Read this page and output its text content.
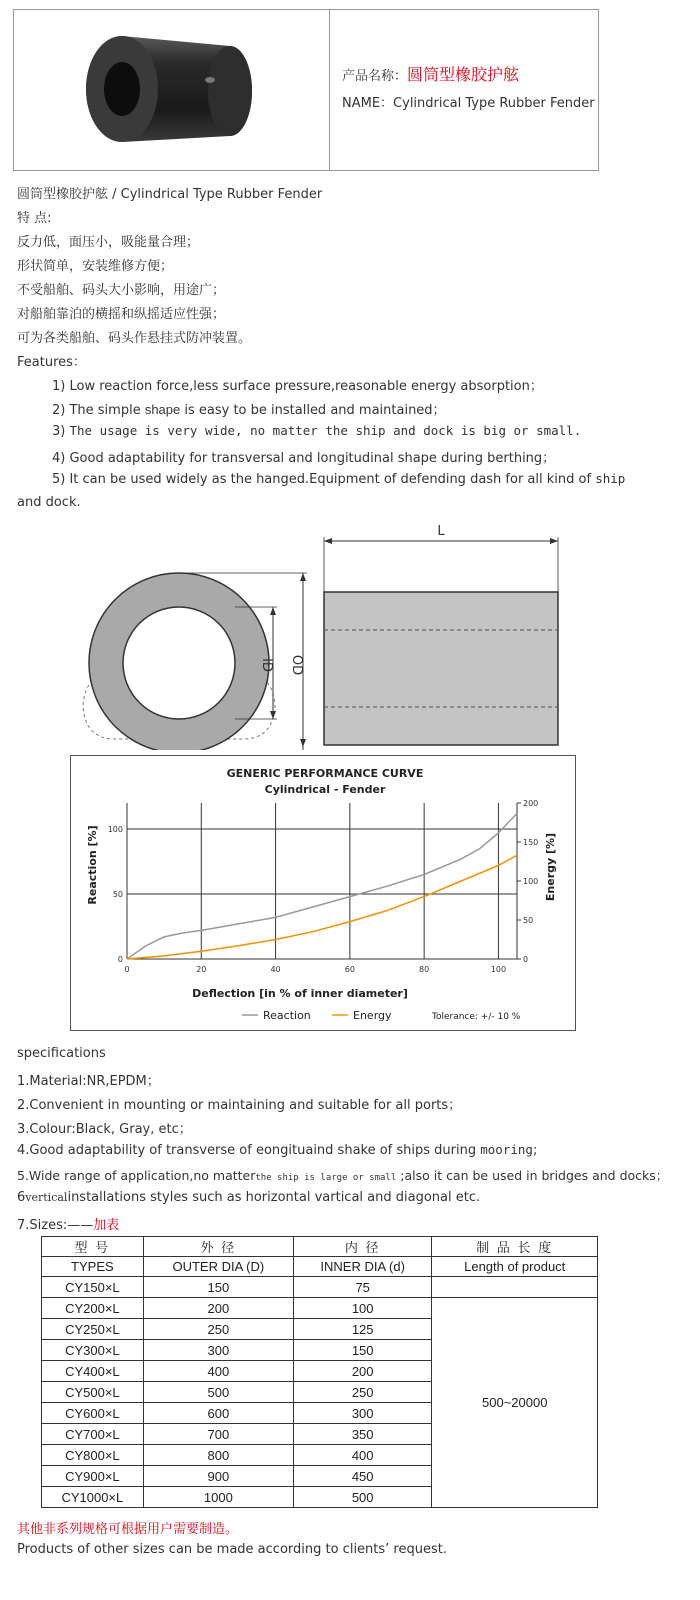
产品名称：圆筒型橡胶护舷
NAME：Cylindrical Type Rubber Fender
圆筒型橡胶护舷 / Cylindrical Type Rubber Fender
特 点:
反力低，面压小，吸能量合理；
形状简单，安装维修方便；
不受船舶、码头大小影响，用途广；
对船舶靠泊的横摇和纵摇适应性强；
可为各类船舶、码头作悬挂式防冲装置。
Features：
1) Low reaction force,less surface pressure,reasonable energy absorption；
2) The simple shape is easy to be installed and maintained；
3) The usage is very wide, no matter the ship and dock is big or small.
4) Good adaptability for transversal and longitudinal shape during berthing；
5) It can be used widely as the hanged.Equipment of defending dash for all kind of ship
and dock.
ID OD
L
GENERIC PERFORMANCE CURVE
Cylindrical - Fender
0	20	40	60	80	100
0
50
100
0
50
100
150
200
Reaction [%]	Energy [%]
Deflection [in % of inner diameter]
Reaction	Energy	Tolerance: +/- 10 %
specifications
1.Material:NR,EPDM；
2.Convenient in mounting or maintaining and suitable for all ports；
3.Colour:Black, Gray, etc；
4.Good adaptability of transverse of eongituaind shake of ships during mooring;
5.Wide range of application,no matterthe ship is large or small ;also it can be used in bridges and docks；
6verticalinstallations styles such as horizontal vartical and diagonal etc.
7.Sizes:——加表
型 号	外 径	内 径	制 品 长 度
TYPES	OUTER DIA (D)	INNER DIA (d)	Length of product
CY150×L	150	75	
CY200×L	200	100	500~20000
CY250×L	250	125	
CY300×L	300	150	
CY400×L	400	200	
CY500×L	500	250	
CY600×L	600	300	
CY700×L	700	350	
CY800×L	800	400	
CY900×L	900	450	
CY1000×L	1000	500	
其他非系列规格可根据用户需要制造。
Products of other sizes can be made according to clients’ request.
